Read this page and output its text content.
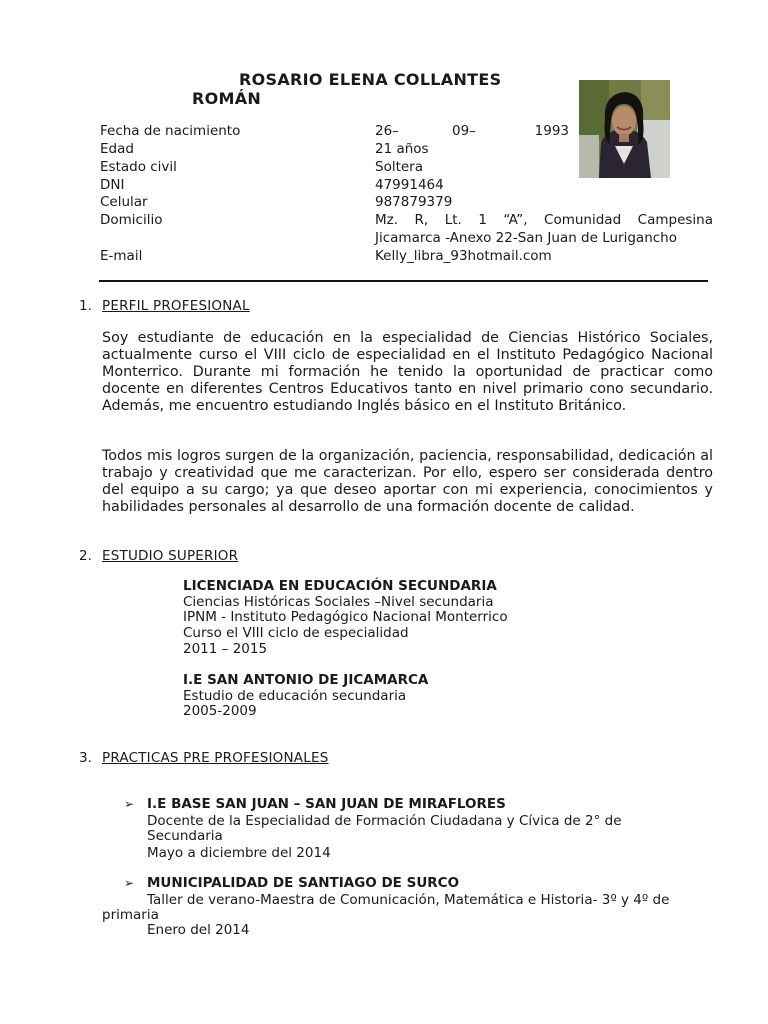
ROSARIO ELENA COLLANTES
ROMÁN
Fecha de nacimiento
Edad
Estado civil
DNI
Celular
Domicilio
E-mail
26–	09–	1993
21 años
Soltera
47991464
987879379
Mz. R, Lt. 1 “A”, Comunidad Campesina
Jicamarca -Anexo 22-San Juan de Lurigancho
Kelly_libra_93hotmail.com
1. PERFIL PROFESIONAL
Soy estudiante de educación en la especialidad de Ciencias Histórico Sociales, actualmente curso el VIII ciclo de especialidad en el Instituto Pedagógico Nacional Monterrico. Durante mi formación he tenido la oportunidad de practicar como docente en diferentes Centros Educativos tanto en nivel primario cono secundario. Además, me encuentro estudiando Inglés básico en el Instituto Británico.
Todos mis logros surgen de la organización, paciencia, responsabilidad, dedicación al trabajo y creatividad que me caracterizan. Por ello, espero ser considerada dentro del equipo a su cargo; ya que deseo aportar con mi experiencia, conocimientos y habilidades personales al desarrollo de una formación docente de calidad.
2. ESTUDIO SUPERIOR
LICENCIADA EN EDUCACIÓN SECUNDARIA
Ciencias Históricas Sociales –Nivel secundaria
IPNM - Instituto Pedagógico Nacional Monterrico
Curso el VIII ciclo de especialidad
2011 – 2015
I.E SAN ANTONIO DE JICAMARCA
Estudio de educación secundaria
2005-2009
3. PRACTICAS PRE PROFESIONALES
➢ I.E BASE SAN JUAN – SAN JUAN DE MIRAFLORES
Docente de la Especialidad de Formación Ciudadana y Cívica de 2° de
Secundaria
Mayo a diciembre del 2014
➢ MUNICIPALIDAD DE SANTIAGO DE SURCO
Taller de verano-Maestra de Comunicación, Matemática e Historia- 3º y 4º de
primaria
Enero del 2014
